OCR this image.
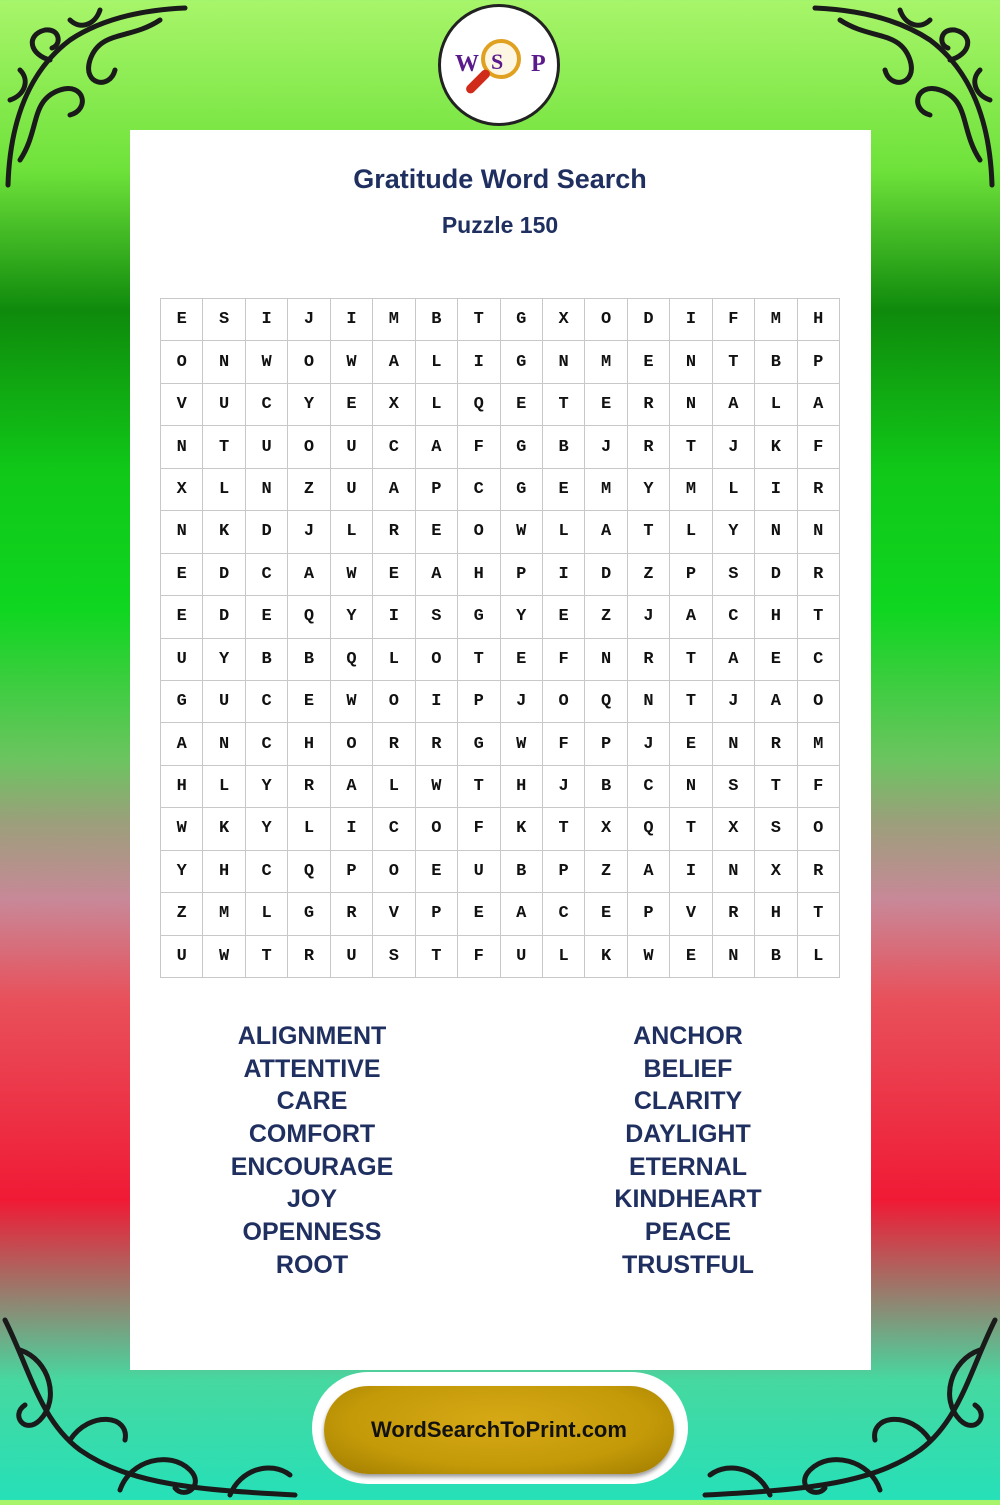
W S P
Gratitude Word Search
Puzzle 150
E	S	I	J	I	M	B	T	G	X	O	D	I	F	M	H
O	N	W	O	W	A	L	I	G	N	M	E	N	T	B	P
V	U	C	Y	E	X	L	Q	E	T	E	R	N	A	L	A
N	T	U	O	U	C	A	F	G	B	J	R	T	J	K	F
X	L	N	Z	U	A	P	C	G	E	M	Y	M	L	I	R
N	K	D	J	L	R	E	O	W	L	A	T	L	Y	N	N
E	D	C	A	W	E	A	H	P	I	D	Z	P	S	D	R
E	D	E	Q	Y	I	S	G	Y	E	Z	J	A	C	H	T
U	Y	B	B	Q	L	O	T	E	F	N	R	T	A	E	C
G	U	C	E	W	O	I	P	J	O	Q	N	T	J	A	O
A	N	C	H	O	R	R	G	W	F	P	J	E	N	R	M
H	L	Y	R	A	L	W	T	H	J	B	C	N	S	T	F
W	K	Y	L	I	C	O	F	K	T	X	Q	T	X	S	O
Y	H	C	Q	P	O	E	U	B	P	Z	A	I	N	X	R
Z	M	L	G	R	V	P	E	A	C	E	P	V	R	H	T
U	W	T	R	U	S	T	F	U	L	K	W	E	N	B	L
ALIGNMENT
ATTENTIVE
CARE
COMFORT
ENCOURAGE
JOY
OPENNESS
ROOT
ANCHOR
BELIEF
CLARITY
DAYLIGHT
ETERNAL
KINDHEART
PEACE
TRUSTFUL
WordSearchToPrint.com
